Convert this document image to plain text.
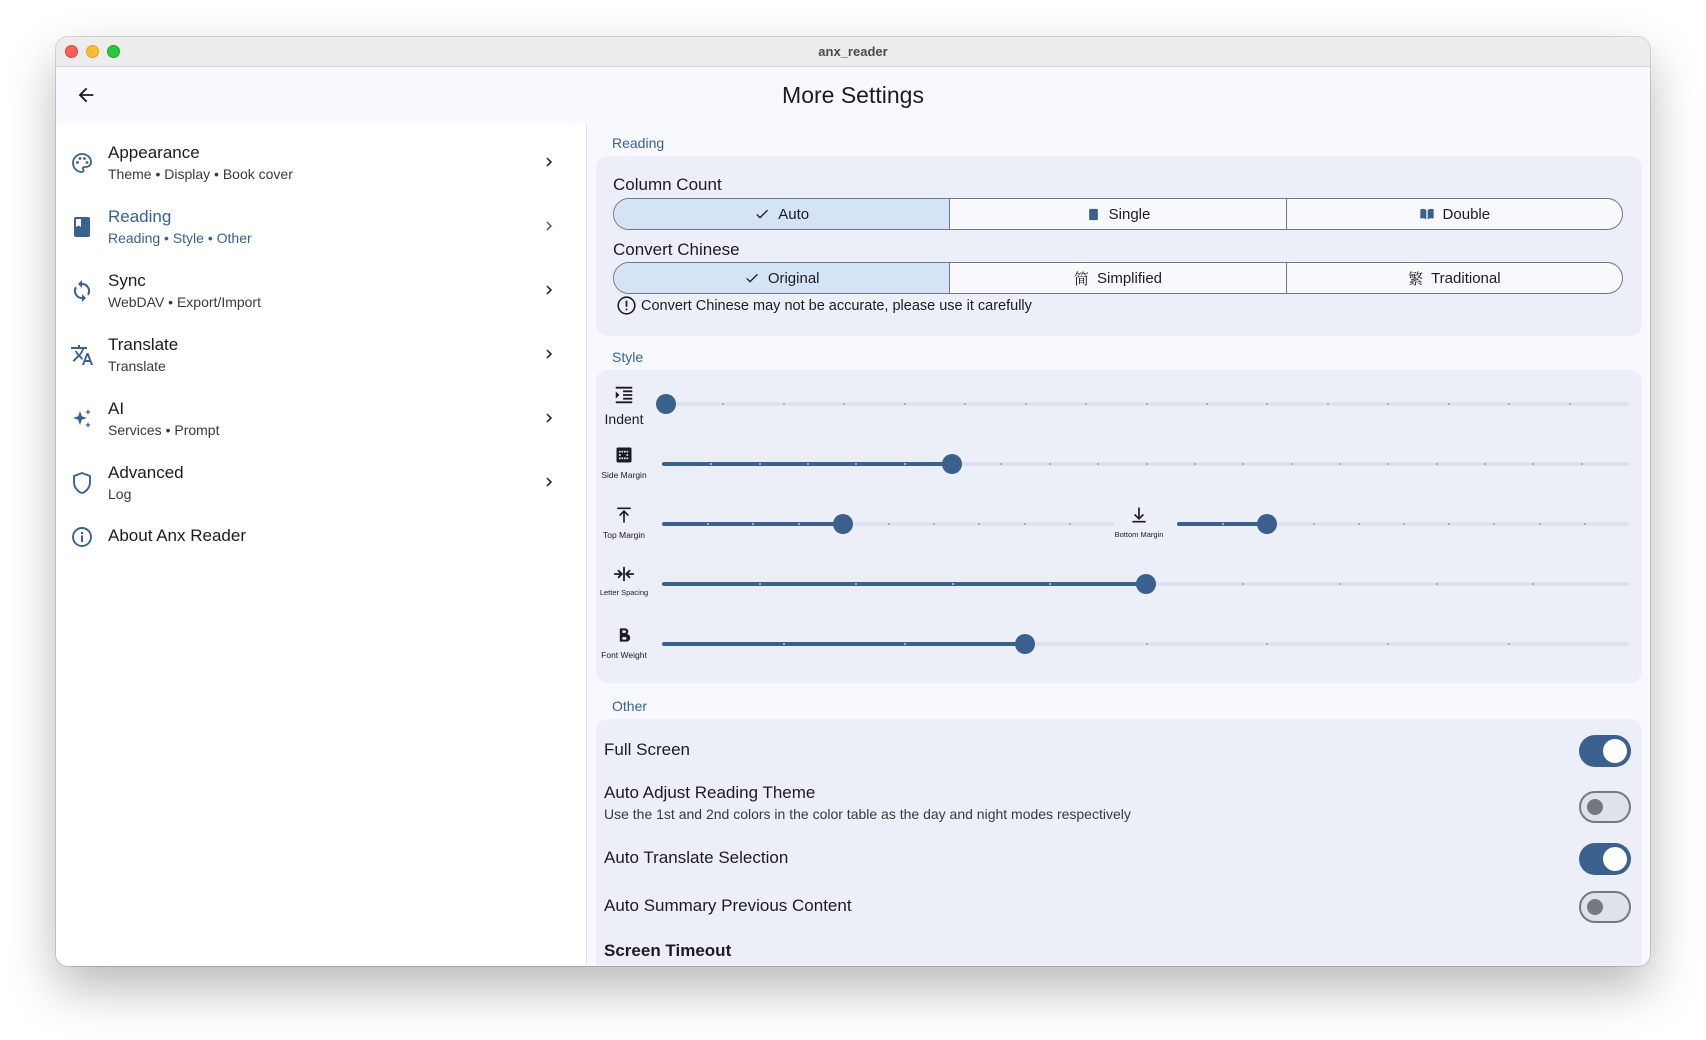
anx_reader
More Settings
Appearance
Theme • Display • Book cover
Reading
Reading • Style • Other
Sync
WebDAV • Export/Import
Translate
Translate
AI
Services • Prompt
Advanced
Log
About Anx Reader
Reading
Column Count
Auto	Single	Double
Convert Chinese
Original	简 Simplified	繁 Traditional
Convert Chinese may not be accurate, please use it carefully
Style
Indent
Side Margin
Top Margin	Bottom Margin
Letter Spacing
Font Weight
Other
Full Screen
Auto Adjust Reading Theme
Use the 1st and 2nd colors in the color table as the day and night modes respectively
Auto Translate Selection
Auto Summary Previous Content
Screen Timeout
